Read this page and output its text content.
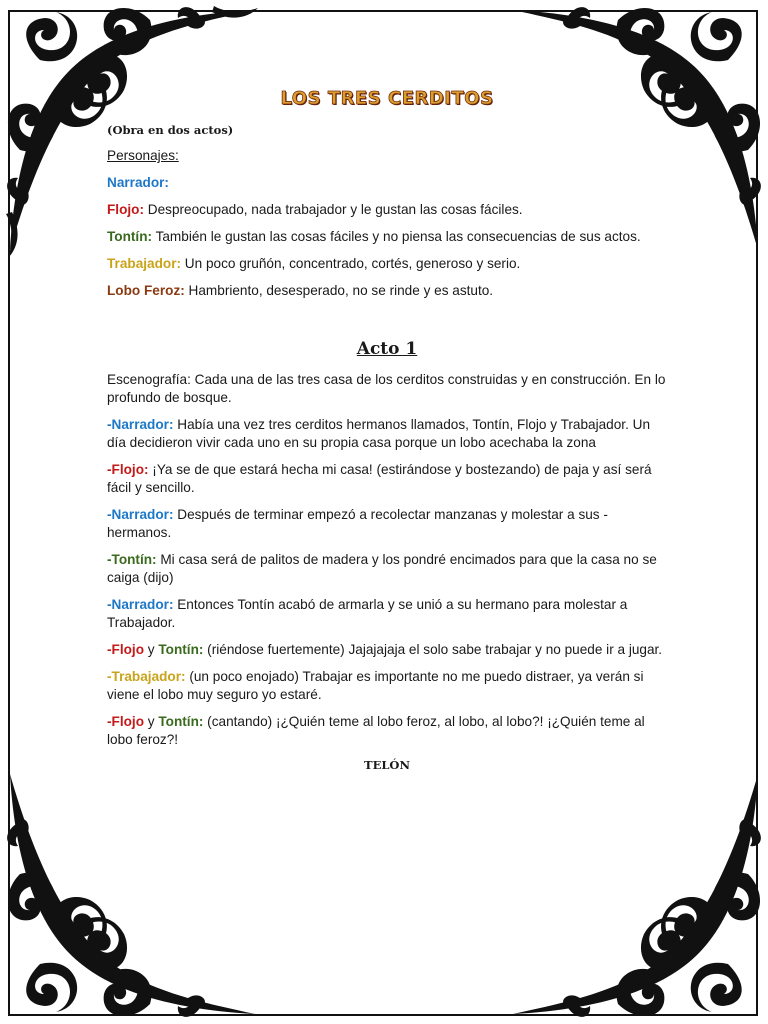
LOS TRES CERDITOS
(Obra en dos actos)

Personajes:

Narrador:

Flojo: Despreocupado, nada trabajador y le gustan las cosas fáciles.

Tontín: También le gustan las cosas fáciles y no piensa las consecuencias de sus actos.

Trabajador: Un poco gruñón, concentrado, cortés, generoso y serio.

Lobo Feroz: Hambriento, desesperado, no se rinde y es astuto.

Acto 1

Escenografía: Cada una de las tres casa de los cerditos construidas y en construcción. En lo profundo de bosque.

-Narrador: Había una vez tres cerditos hermanos llamados, Tontín, Flojo y Trabajador. Un día decidieron vivir cada uno en su propia casa porque un lobo acechaba la zona

-Flojo: ¡Ya se de que estará hecha mi casa! (estirándose y bostezando) de paja y así será fácil y sencillo.

-Narrador: Después de terminar empezó a recolectar manzanas y molestar a sus - hermanos.

-Tontín: Mi casa será de palitos de madera y los pondré encimados para que la casa no se caiga (dijo)

-Narrador: Entonces Tontín acabó de armarla y se unió a su hermano para molestar a Trabajador.

-Flojo y Tontín: (riéndose fuertemente) Jajajajaja el solo sabe trabajar y no puede ir a jugar.

-Trabajador: (un poco enojado) Trabajar es importante no me puedo distraer, ya verán si viene el lobo muy seguro yo estaré.

-Flojo y Tontín: (cantando) ¡¿Quién teme al lobo feroz, al lobo, al lobo?! ¡¿Quién teme al lobo feroz?!

TELÓN
